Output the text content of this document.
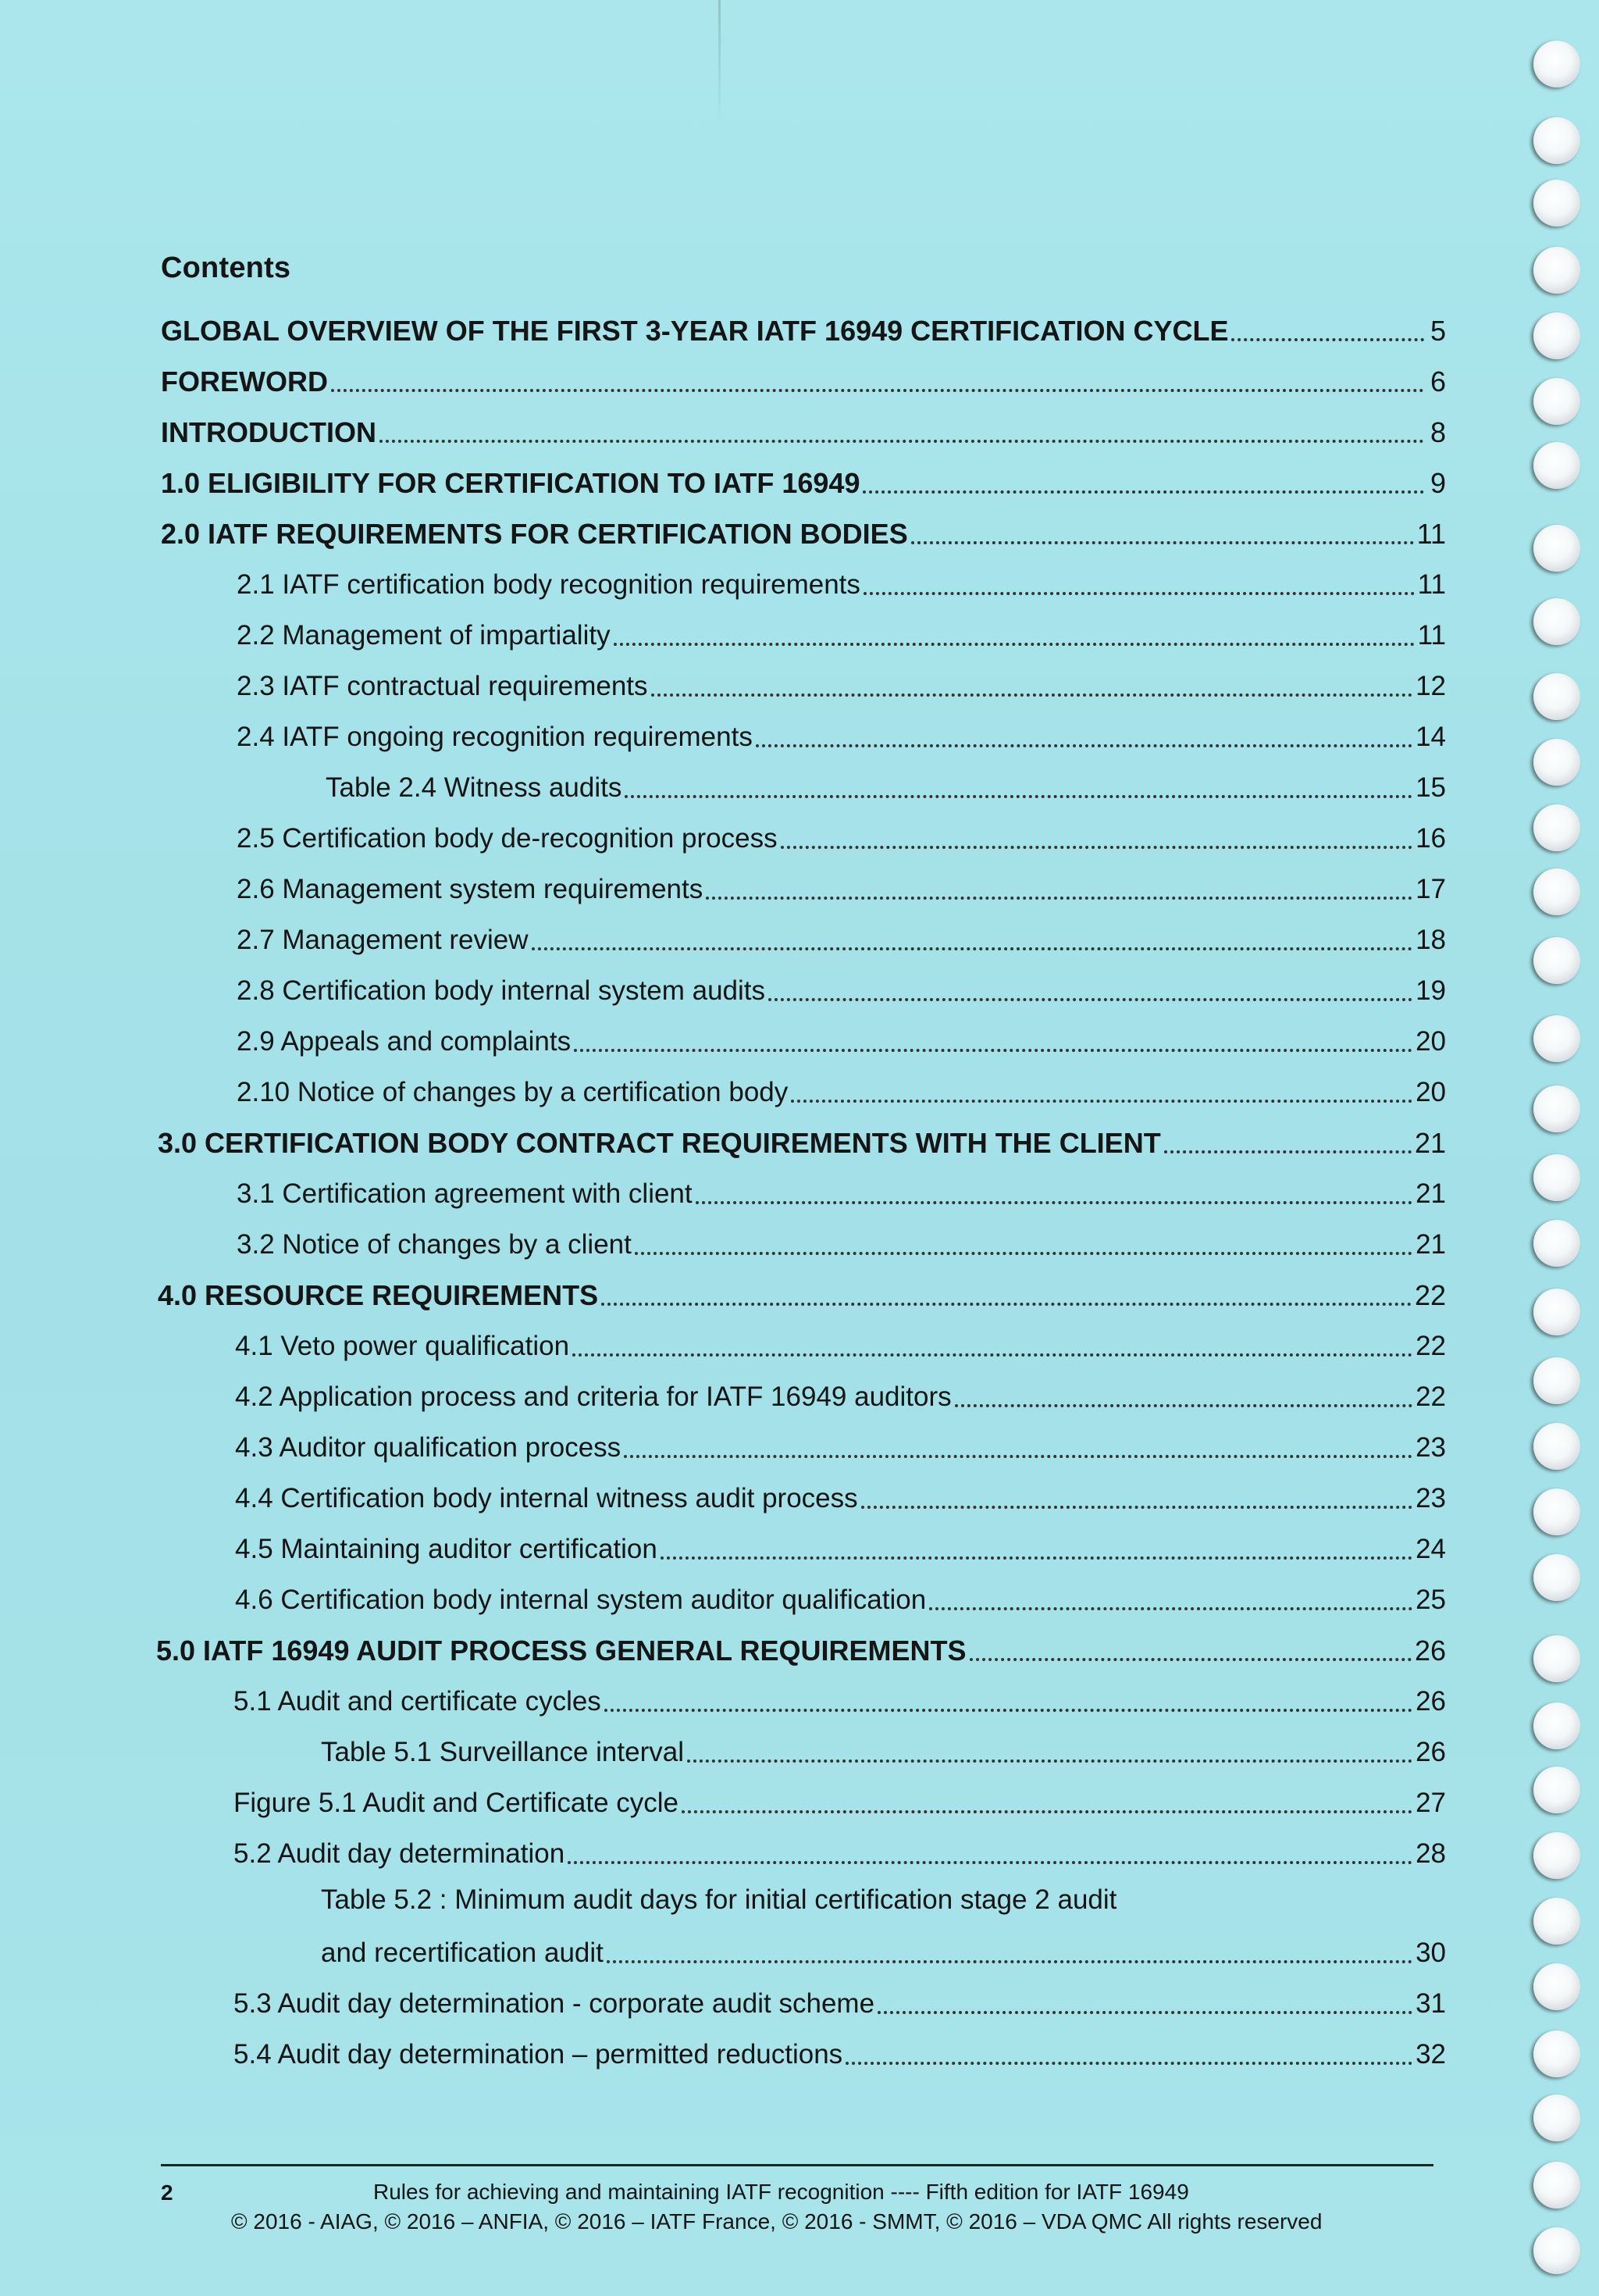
Contents
GLOBAL OVERVIEW OF THE FIRST 3-YEAR IATF 16949 CERTIFICATION CYCLE	5
FOREWORD	6
INTRODUCTION	8
1.0 ELIGIBILITY FOR CERTIFICATION TO IATF 16949	9
2.0 IATF REQUIREMENTS FOR CERTIFICATION BODIES	11
2.1 IATF certification body recognition requirements	11
2.2 Management of impartiality	11
2.3 IATF contractual requirements	12
2.4 IATF ongoing recognition requirements	14
Table 2.4 Witness audits	15
2.5 Certification body de-recognition process	16
2.6 Management system requirements	17
2.7 Management review	18
2.8 Certification body internal system audits	19
2.9 Appeals and complaints	20
2.10 Notice of changes by a certification body	20
3.0 CERTIFICATION BODY CONTRACT REQUIREMENTS WITH THE CLIENT	21
3.1 Certification agreement with client	21
3.2 Notice of changes by a client	21
4.0 RESOURCE REQUIREMENTS	22
4.1 Veto power qualification	22
4.2 Application process and criteria for IATF 16949 auditors	22
4.3 Auditor qualification process	23
4.4 Certification body internal witness audit process	23
4.5 Maintaining auditor certification	24
4.6 Certification body internal system auditor qualification	25
5.0 IATF 16949 AUDIT PROCESS GENERAL REQUIREMENTS	26
5.1 Audit and certificate cycles	26
Table 5.1 Surveillance interval	26
Figure 5.1 Audit and Certificate cycle	27
5.2 Audit day determination	28
Table 5.2 : Minimum audit days for initial certification stage 2 audit
and recertification audit	30
5.3 Audit day determination - corporate audit scheme	31
5.4 Audit day determination – permitted reductions	32
2	Rules for achieving and maintaining IATF recognition ---- Fifth edition for IATF 16949
© 2016 - AIAG, © 2016 – ANFIA, © 2016 – IATF France, © 2016 - SMMT, © 2016 – VDA QMC All rights reserved
